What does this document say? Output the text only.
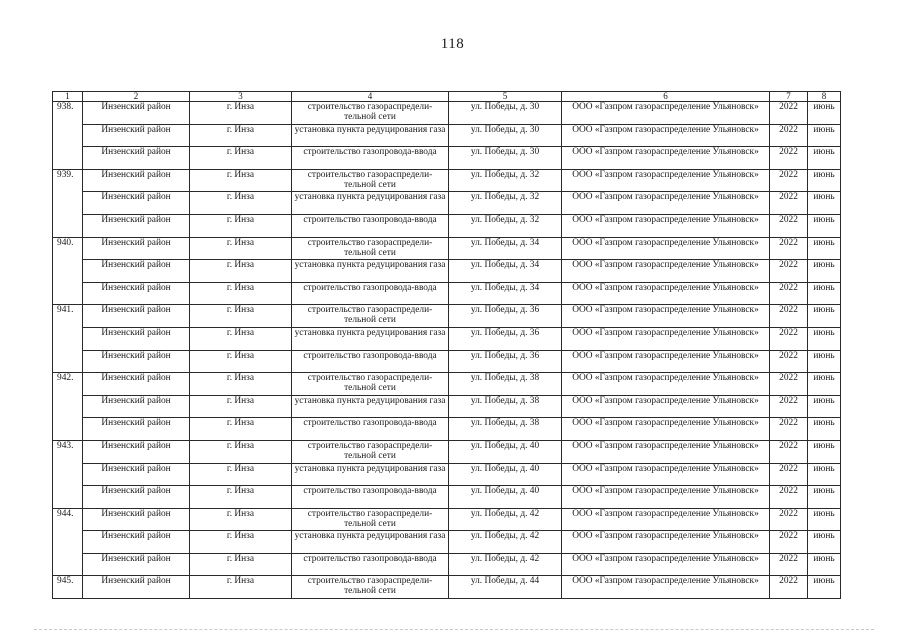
118
1	2	3	4	5	6	7	8
938.	Инзенский район	г. Инза	строительство газораспредели-тельной сети	ул. Победы, д. 30	ООО «Газпром газораспределение Ульяновск»	2022	июнь
	Инзенский район	г. Инза	установка пункта редуцирования газа	ул. Победы, д. 30	ООО «Газпром газораспределение Ульяновск»	2022	июнь
	Инзенский район	г. Инза	строительство газопровода-ввода	ул. Победы, д. 30	ООО «Газпром газораспределение Ульяновск»	2022	июнь
939.	Инзенский район	г. Инза	строительство газораспредели-тельной сети	ул. Победы, д. 32	ООО «Газпром газораспределение Ульяновск»	2022	июнь
	Инзенский район	г. Инза	установка пункта редуцирования газа	ул. Победы, д. 32	ООО «Газпром газораспределение Ульяновск»	2022	июнь
	Инзенский район	г. Инза	строительство газопровода-ввода	ул. Победы, д. 32	ООО «Газпром газораспределение Ульяновск»	2022	июнь
940.	Инзенский район	г. Инза	строительство газораспредели-тельной сети	ул. Победы, д. 34	ООО «Газпром газораспределение Ульяновск»	2022	июнь
	Инзенский район	г. Инза	установка пункта редуцирования газа	ул. Победы, д. 34	ООО «Газпром газораспределение Ульяновск»	2022	июнь
	Инзенский район	г. Инза	строительство газопровода-ввода	ул. Победы, д. 34	ООО «Газпром газораспределение Ульяновск»	2022	июнь
941.	Инзенский район	г. Инза	строительство газораспредели-тельной сети	ул. Победы, д. 36	ООО «Газпром газораспределение Ульяновск»	2022	июнь
	Инзенский район	г. Инза	установка пункта редуцирования газа	ул. Победы, д. 36	ООО «Газпром газораспределение Ульяновск»	2022	июнь
	Инзенский район	г. Инза	строительство газопровода-ввода	ул. Победы, д. 36	ООО «Газпром газораспределение Ульяновск»	2022	июнь
942.	Инзенский район	г. Инза	строительство газораспредели-тельной сети	ул. Победы, д. 38	ООО «Газпром газораспределение Ульяновск»	2022	июнь
	Инзенский район	г. Инза	установка пункта редуцирования газа	ул. Победы, д. 38	ООО «Газпром газораспределение Ульяновск»	2022	июнь
	Инзенский район	г. Инза	строительство газопровода-ввода	ул. Победы, д. 38	ООО «Газпром газораспределение Ульяновск»	2022	июнь
943.	Инзенский район	г. Инза	строительство газораспредели-тельной сети	ул. Победы, д. 40	ООО «Газпром газораспределение Ульяновск»	2022	июнь
	Инзенский район	г. Инза	установка пункта редуцирования газа	ул. Победы, д. 40	ООО «Газпром газораспределение Ульяновск»	2022	июнь
	Инзенский район	г. Инза	строительство газопровода-ввода	ул. Победы, д. 40	ООО «Газпром газораспределение Ульяновск»	2022	июнь
944.	Инзенский район	г. Инза	строительство газораспредели-тельной сети	ул. Победы, д. 42	ООО «Газпром газораспределение Ульяновск»	2022	июнь
	Инзенский район	г. Инза	установка пункта редуцирования газа	ул. Победы, д. 42	ООО «Газпром газораспределение Ульяновск»	2022	июнь
	Инзенский район	г. Инза	строительство газопровода-ввода	ул. Победы, д. 42	ООО «Газпром газораспределение Ульяновск»	2022	июнь
945.	Инзенский район	г. Инза	строительство газораспредели-тельной сети	ул. Победы, д. 44	ООО «Газпром газораспределение Ульяновск»	2022	июнь
